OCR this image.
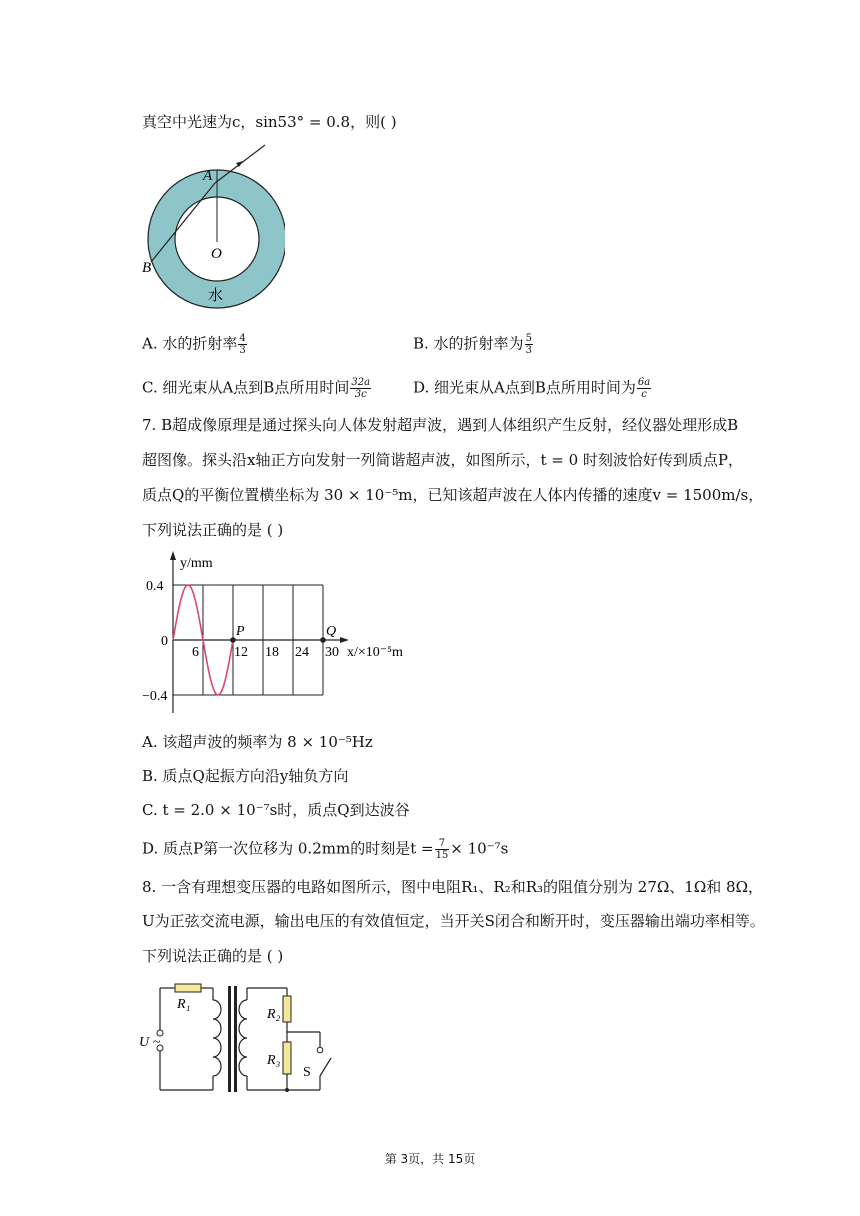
真空中光速为c，sin53° = 0.8，则( )
A
B
O
水
A. 水的折射率 $\frac{4}{3}$	B. 水的折射率为 $\frac{5}{3}$
C. 细光束从A点到B点所用时间 $\frac{32a}{3c}$	D. 细光束从A点到B点所用时间为 $\frac{6a}{c}$
7. B超成像原理是通过探头向人体发射超声波，遇到人体组织产生反射，经仪器处理形成B
超图像。探头沿x轴正方向发射一列简谐超声波，如图所示，t = 0 时刻波恰好传到质点P，
质点Q的平衡位置横坐标为 30 × 10⁻⁵m，已知该超声波在人体内传播的速度v = 1500m/s，
下列说法正确的是 ( )
y/mm
0.4
0
−0.4
6	12 18 24 30 x/×10⁻⁵m
P	Q
A. 该超声波的频率为 8 × 10⁻⁵Hz
B. 质点Q起振方向沿y轴负方向
C. t = 2.0 × 10⁻⁷s时，质点Q到达波谷
D. 质点P第一次位移为 0.2mm的时刻是$t = \frac{7}{15} \times 10^{-7}s$
8. 一含有理想变压器的电路如图所示，图中电阻R₁、R₂和R₃的阻值分别为 27Ω、1Ω和 8Ω，
U为正弦交流电源，输出电压的有效值恒定，当开关S闭合和断开时，变压器输出端功率相等。
下列说法正确的是 ( )
R₁
R₂
R₃
U ~
S
第 3页，共 15页
